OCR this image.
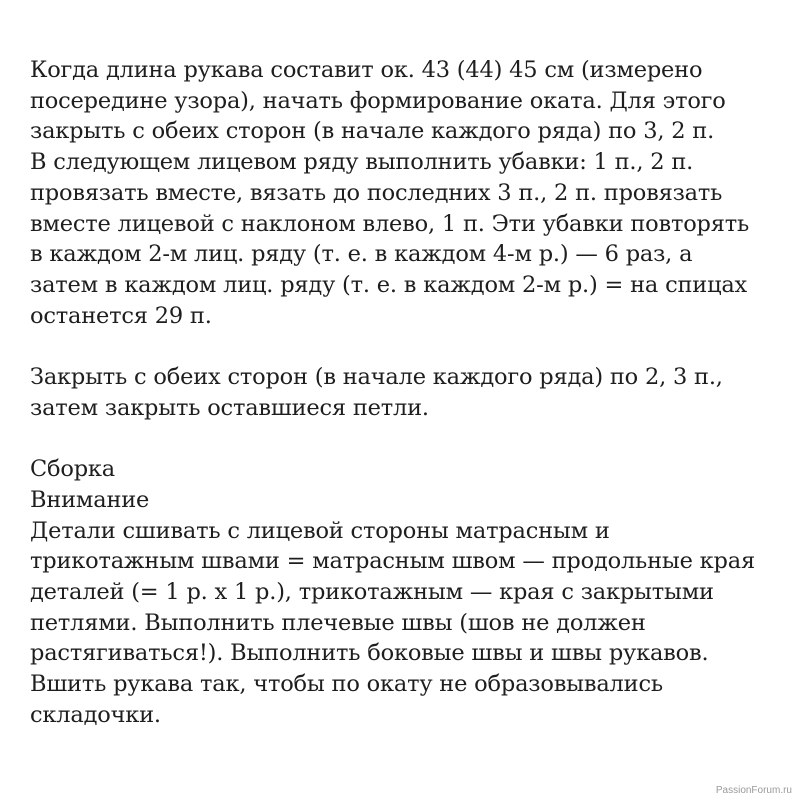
Когда длина рукава составит ок. 43 (44) 45 см (измерено
посередине узора), начать формирование оката. Для этого
закрыть с обеих сторон (в начале каждого ряда) по 3, 2 п.
В следующем лицевом ряду выполнить убавки: 1 п., 2 п.
провязать вместе, вязать до последних 3 п., 2 п. провязать
вместе лицевой с наклоном влево, 1 п. Эти убавки повторять
в каждом 2-м лиц. ряду (т. е. в каждом 4-м р.) — 6 раз, а
затем в каждом лиц. ряду (т. е. в каждом 2-м р.) = на спицах
останется 29 п.
Закрыть с обеих сторон (в начале каждого ряда) по 2, 3 п.,
затем закрыть оставшиеся петли.
Сборка
Внимание
Детали сшивать с лицевой стороны матрасным и
трикотажным швами = матрасным швом — продольные края
деталей (= 1 р. х 1 р.), трикотажным — края с закрытыми
петлями. Выполнить плечевые швы (шов не должен
растягиваться!). Выполнить боковые швы и швы рукавов.
Вшить рукава так, чтобы по окату не образовывались
складочки.
PassionForum.ru
